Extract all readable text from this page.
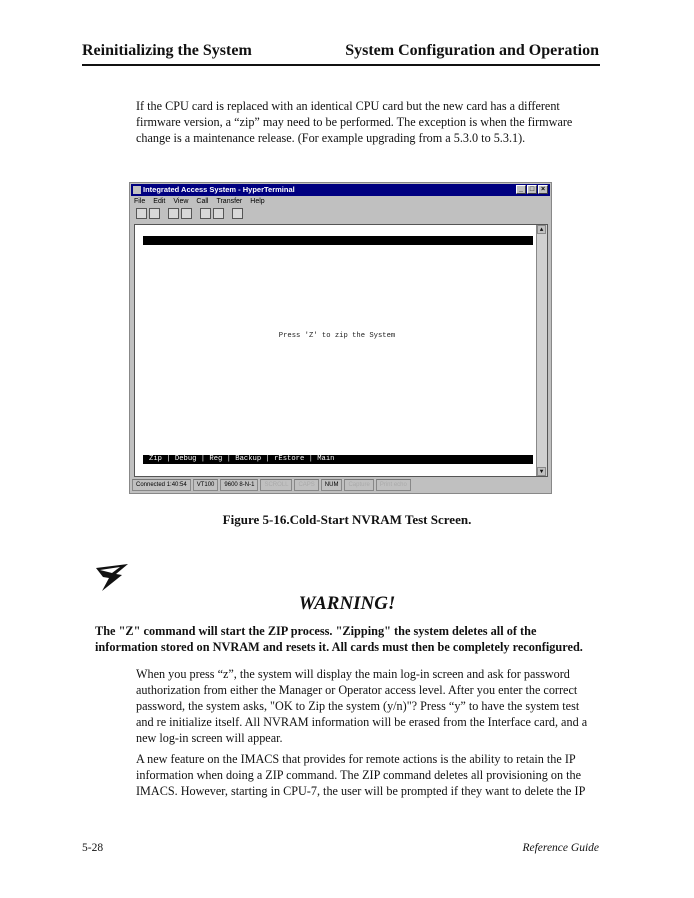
Reinitializing the System	System Configuration and Operation

If the CPU card is replaced with an identical CPU card but the new card has a different firmware version, a “zip” may need to be performed. The exception is when the firmware change is a maintenance release. (For example upgrading from a 5.3.0 to 5.3.1).

Integrated Access System - HyperTerminal	_ □ ×
File Edit View Call Transfer Help

*** Software revision has been changed ***

Press 'Z' to zip the System
Zip | Debug | Reg | Backup | rEstore | Main
▲
▼
Connected 1:40:54	VT100	9600 8-N-1	SCROLL	CAPS	NUM	Capture	Print echo
Figure 5-16.Cold-Start NVRAM Test Screen.
WARNING!

The "Z" command will start the ZIP process. "Zipping" the system deletes all of the information stored on NVRAM and resets it. All cards must then be completely reconfigured.

When you press “z”, the system will display the main log-in screen and ask for password authorization from either the Manager or Operator access level. After you enter the correct password, the system asks, "OK to Zip the system (y/n)"? Press “y” to have the system test and re initialize itself. All NVRAM information will be erased from the Interface card, and a new log-in screen will appear.

A new feature on the IMACS that provides for remote actions is the ability to retain the IP information when doing a ZIP command. The ZIP command deletes all provisioning on the IMACS. However, starting in CPU-7, the user will be prompted if they want to delete the IP

5-28	Reference Guide
